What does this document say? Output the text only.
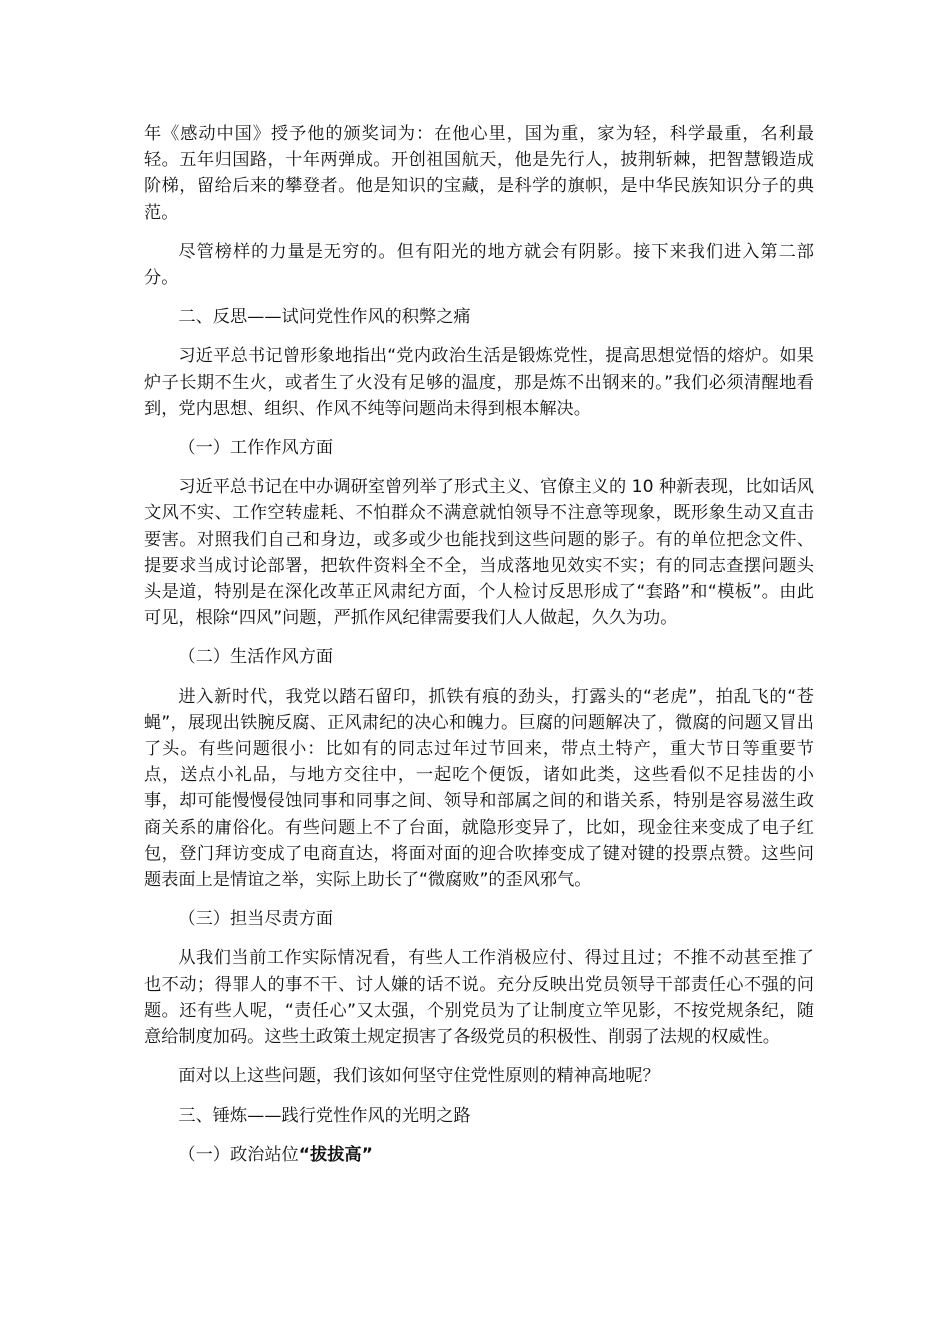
年《感动中国》授予他的颁奖词为：在他心里，国为重，家为轻，科学最重，名利最轻。五年归国路，十年两弹成。开创祖国航天，他是先行人，披荆斩棘，把智慧锻造成阶梯，留给后来的攀登者。他是知识的宝藏，是科学的旗帜，是中华民族知识分子的典范。

尽管榜样的力量是无穷的。但有阳光的地方就会有阴影。接下来我们进入第二部分。

二、反思——试问党性作风的积弊之痛

习近平总书记曾形象地指出“党内政治生活是锻炼党性，提高思想觉悟的熔炉。如果炉子长期不生火，或者生了火没有足够的温度，那是炼不出钢来的。”我们必须清醒地看到，党内思想、组织、作风不纯等问题尚未得到根本解决。

（一）工作作风方面

习近平总书记在中办调研室曾列举了形式主义、官僚主义的 10 种新表现，比如话风文风不实、工作空转虚耗、不怕群众不满意就怕领导不注意等现象，既形象生动又直击要害。对照我们自己和身边，或多或少也能找到这些问题的影子。有的单位把念文件、提要求当成讨论部署，把软件资料全不全，当成落地见效实不实；有的同志查摆问题头头是道，特别是在深化改革正风肃纪方面，个人检讨反思形成了“套路”和“模板”。由此可见，根除“四风”问题，严抓作风纪律需要我们人人做起，久久为功。

（二）生活作风方面

进入新时代，我党以踏石留印，抓铁有痕的劲头，打露头的“老虎”，拍乱飞的“苍蝇”，展现出铁腕反腐、正风肃纪的决心和魄力。巨腐的问题解决了，微腐的问题又冒出了头。有些问题很小：比如有的同志过年过节回来，带点土特产，重大节日等重要节点，送点小礼品，与地方交往中，一起吃个便饭，诸如此类，这些看似不足挂齿的小事，却可能慢慢侵蚀同事和同事之间、领导和部属之间的和谐关系，特别是容易滋生政商关系的庸俗化。有些问题上不了台面，就隐形变异了，比如，现金往来变成了电子红包，登门拜访变成了电商直达，将面对面的迎合吹捧变成了键对键的投票点赞。这些问题表面上是情谊之举，实际上助长了“微腐败”的歪风邪气。

（三）担当尽责方面

从我们当前工作实际情况看，有些人工作消极应付、得过且过；不推不动甚至推了也不动；得罪人的事不干、讨人嫌的话不说。充分反映出党员领导干部责任心不强的问题。还有些人呢，“责任心”又太强，个别党员为了让制度立竿见影，不按党规条纪，随意给制度加码。这些土政策土规定损害了各级党员的积极性、削弱了法规的权威性。

面对以上这些问题，我们该如何坚守住党性原则的精神高地呢？

三、锤炼——践行党性作风的光明之路

（一）政治站位“拔拔高”
